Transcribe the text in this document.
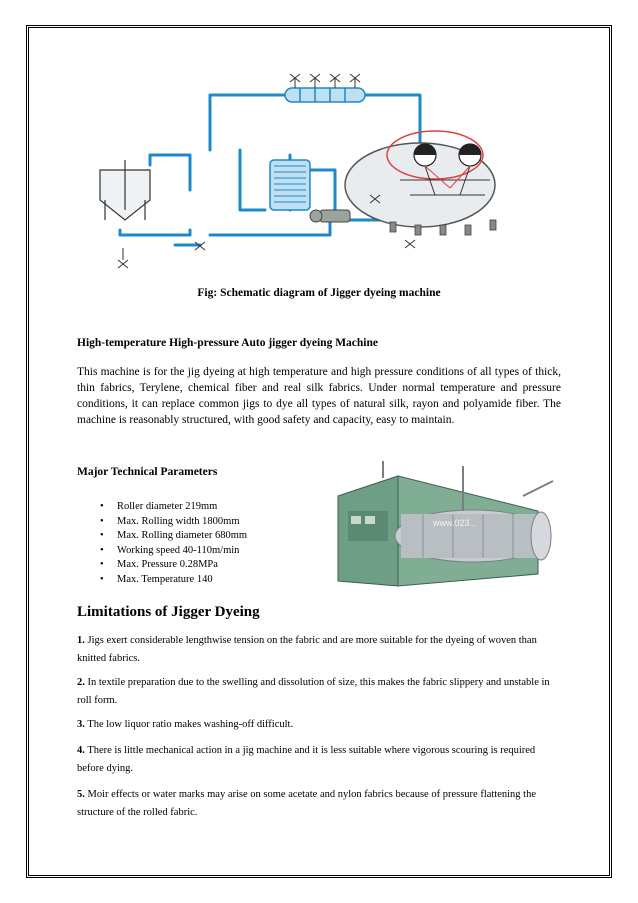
Fig: Schematic diagram of Jigger dyeing machine
High-temperature High-pressure Auto jigger dyeing Machine
This machine is for the jig dyeing at high temperature and high pressure conditions of all types of thick, thin fabrics, Terylene, chemical fiber and real silk fabrics. Under normal temperature and pressure conditions, it can replace common jigs to dye all types of natural silk, rayon and polyamide fiber. The machine is reasonably structured, with good safety and capacity, easy to maintain.
Major Technical Parameters
• Roller diameter 219mm
• Max. Rolling width 1800mm
• Max. Rolling diameter 680mm
• Working speed 40-110m/min
• Max. Pressure 0.28MPa
• Max. Temperature 140
www.023...
Limitations of Jigger Dyeing
1. Jigs exert considerable lengthwise tension on the fabric and are more suitable for the dyeing of woven than knitted fabrics.
2. In textile preparation due to the swelling and dissolution of size, this makes the fabric slippery and unstable in roll form.
3. The low liquor ratio makes washing-off difficult.
4. There is little mechanical action in a jig machine and it is less suitable where vigorous scouring is required before dying.
5. Moir effects or water marks may arise on some acetate and nylon fabrics because of pressure flattening the structure of the rolled fabric.
